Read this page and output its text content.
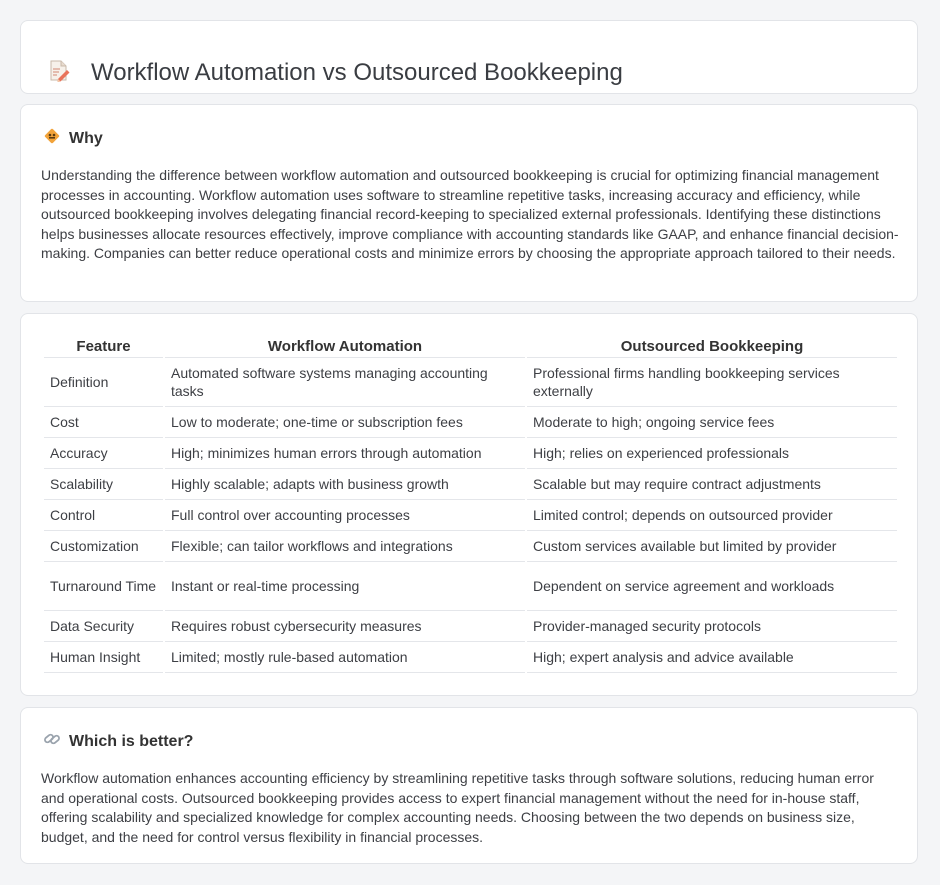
Workflow Automation vs Outsourced Bookkeeping
Why

Understanding the difference between workflow automation and outsourced bookkeeping is crucial for optimizing financial management processes in accounting. Workflow automation uses software to streamline repetitive tasks, increasing accuracy and efficiency, while outsourced bookkeeping involves delegating financial record-keeping to specialized external professionals. Identifying these distinctions helps businesses allocate resources effectively, improve compliance with accounting standards like GAAP, and enhance financial decision-making. Companies can better reduce operational costs and minimize errors by choosing the appropriate approach tailored to their needs.

Feature	Workflow Automation	Outsourced Bookkeeping
Definition	Automated software systems managing accounting tasks	Professional firms handling bookkeeping services externally
Cost	Low to moderate; one-time or subscription fees	Moderate to high; ongoing service fees
Accuracy	High; minimizes human errors through automation	High; relies on experienced professionals
Scalability	Highly scalable; adapts with business growth	Scalable but may require contract adjustments
Control	Full control over accounting processes	Limited control; depends on outsourced provider
Customization	Flexible; can tailor workflows and integrations	Custom services available but limited by provider
Turnaround Time	Instant or real-time processing	Dependent on service agreement and workloads
Data Security	Requires robust cybersecurity measures	Provider-managed security protocols
Human Insight	Limited; mostly rule-based automation	High; expert analysis and advice available
Which is better?

Workflow automation enhances accounting efficiency by streamlining repetitive tasks through software solutions, reducing human error and operational costs. Outsourced bookkeeping provides access to expert financial management without the need for in-house staff, offering scalability and specialized knowledge for complex accounting needs. Choosing between the two depends on business size, budget, and the need for control versus flexibility in financial processes.
